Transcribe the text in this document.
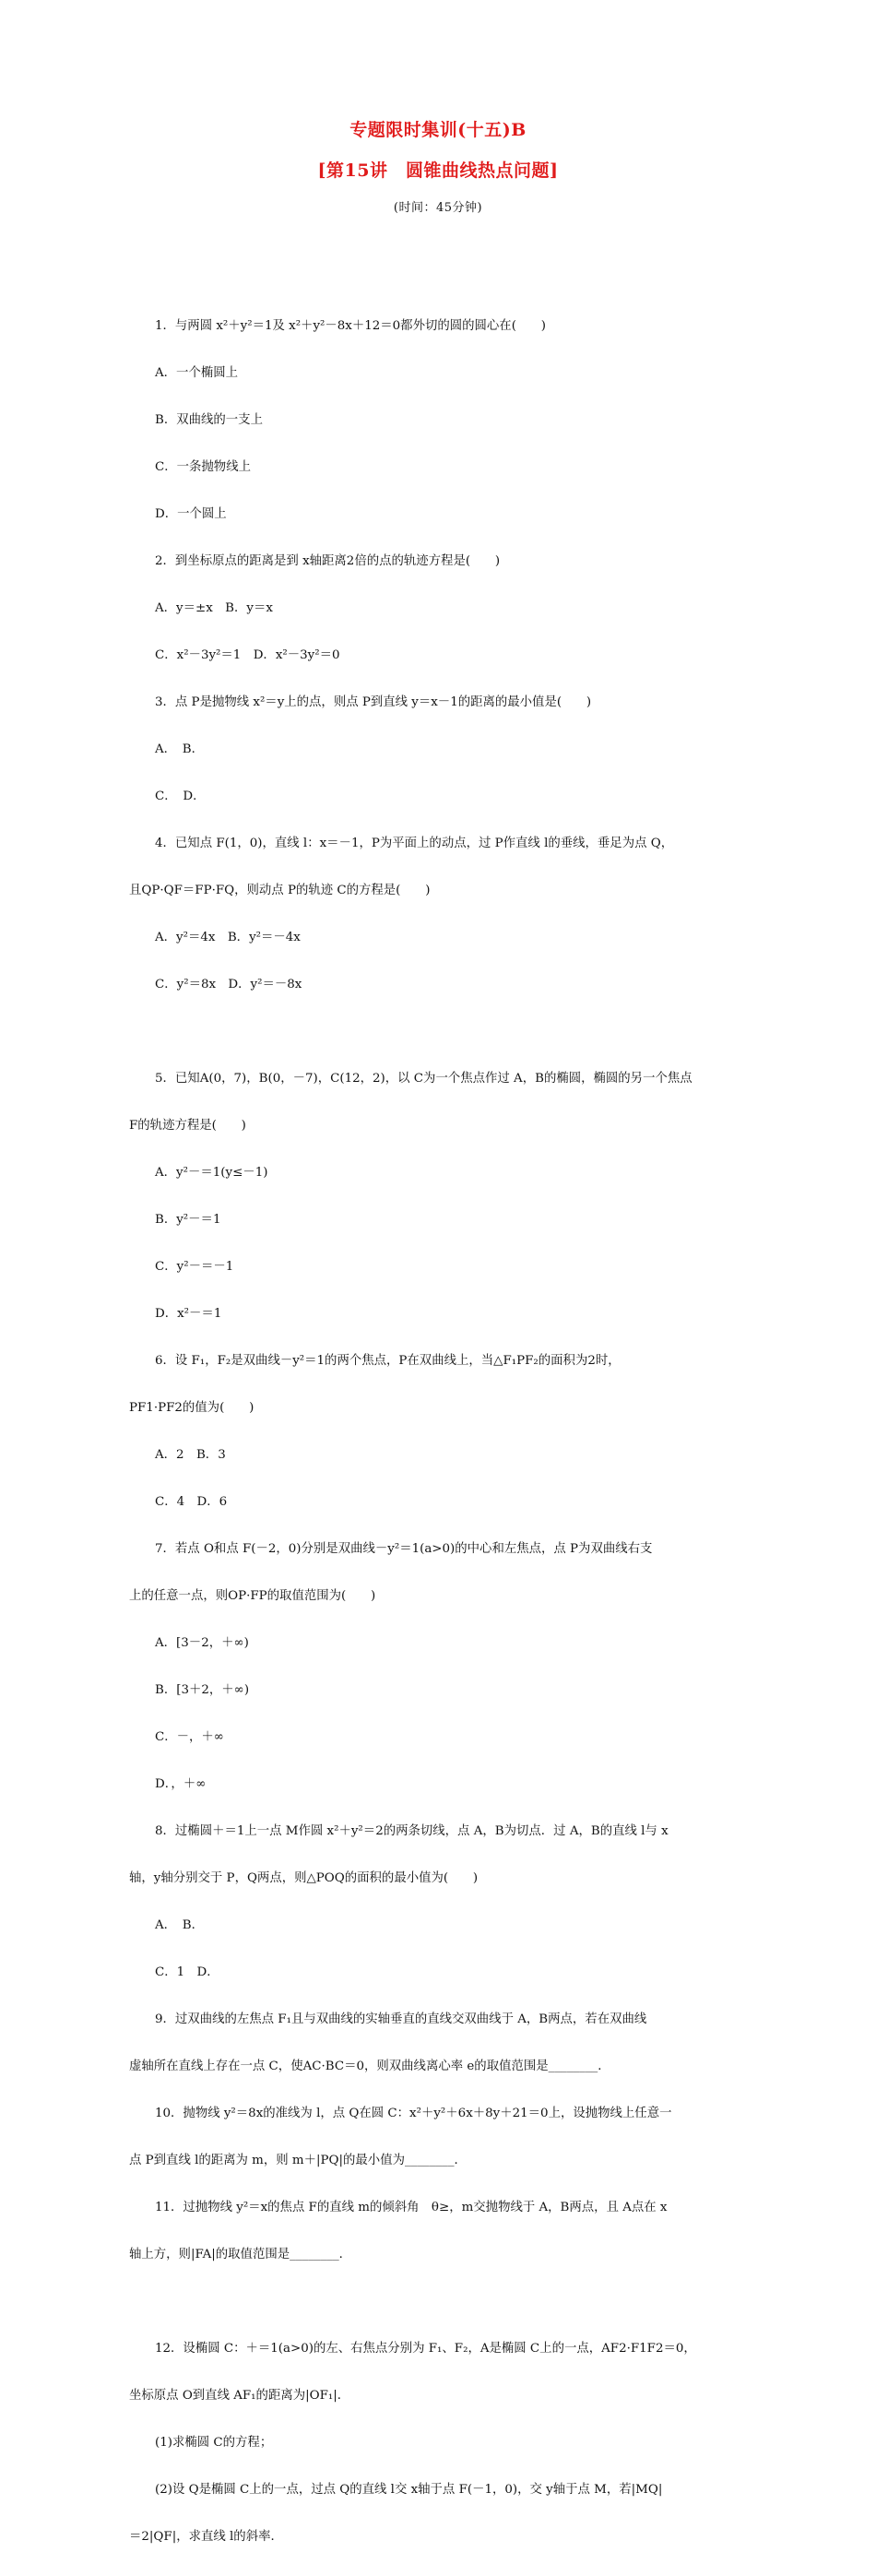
专题限时集训(十五)B
[第15讲　圆锥曲线热点问题]
(时间：45分钟)

1．与两圆 x²＋y²＝1及 x²＋y²－8x＋12＝0都外切的圆的圆心在(　　)

A．一个椭圆上

B．双曲线的一支上

C．一条抛物线上

D．一个圆上

2．到坐标原点的距离是到 x轴距离2倍的点的轨迹方程是(　　)

A．y＝±x　B．y＝x

C．x²－3y²＝1　D．x²－3y²＝0

3．点 P是抛物线 x²＝y上的点，则点 P到直线 y＝x－1的距离的最小值是(　　)

A．　B．

C．　D．

4．已知点 F(1，0)，直线 l：x＝－1，P为平面上的动点，过 P作直线 l的垂线，垂足为点 Q，

且QP·QF＝FP·FQ，则动点 P的轨迹 C的方程是(　　)

A．y²＝4x　B．y²＝－4x

C．y²＝8x　D．y²＝－8x

5．已知A(0，7)，B(0，－7)，C(12，2)，以 C为一个焦点作过 A，B的椭圆，椭圆的另一个焦点

F的轨迹方程是(　　)

A．y²－＝1(y≤－1)

B．y²－＝1

C．y²－＝－1

D．x²－＝1

6．设 F₁，F₂是双曲线－y²＝1的两个焦点，P在双曲线上，当△F₁PF₂的面积为2时，

PF1·PF2的值为(　　)

A．2　B．3

C．4　D．6

7．若点 O和点 F(－2，0)分别是双曲线－y²＝1(a>0)的中心和左焦点，点 P为双曲线右支

上的任意一点，则OP·FP的取值范围为(　　)

A．[3－2，＋∞)

B．[3＋2，＋∞)

C．－，＋∞

D．，＋∞

8．过椭圆＋＝1上一点 M作圆 x²＋y²＝2的两条切线，点 A，B为切点．过 A，B的直线 l与 x

轴，y轴分别交于 P，Q两点，则△POQ的面积的最小值为(　　)

A．　B．

C．1　D．

9．过双曲线的左焦点 F₁且与双曲线的实轴垂直的直线交双曲线于 A，B两点，若在双曲线

虚轴所在直线上存在一点 C，使AC·BC＝0，则双曲线离心率 e的取值范围是________．

10．抛物线 y²＝8x的准线为 l，点 Q在圆 C：x²＋y²＋6x＋8y＋21＝0上，设抛物线上任意一

点 P到直线 l的距离为 m，则 m＋|PQ|的最小值为________．

11．过抛物线 y²＝x的焦点 F的直线 m的倾斜角　θ≥，m交抛物线于 A，B两点，且 A点在 x

轴上方，则|FA|的取值范围是________．

12．设椭圆 C：＋＝1(a>0)的左、右焦点分别为 F₁、F₂，A是椭圆 C上的一点，AF2·F1F2＝0，

坐标原点 O到直线 AF₁的距离为|OF₁|．

(1)求椭圆 C的方程；

(2)设 Q是椭圆 C上的一点，过点 Q的直线 l交 x轴于点 F(－1，0)，交 y轴于点 M，若|MQ|

＝2|QF|，求直线 l的斜率．
